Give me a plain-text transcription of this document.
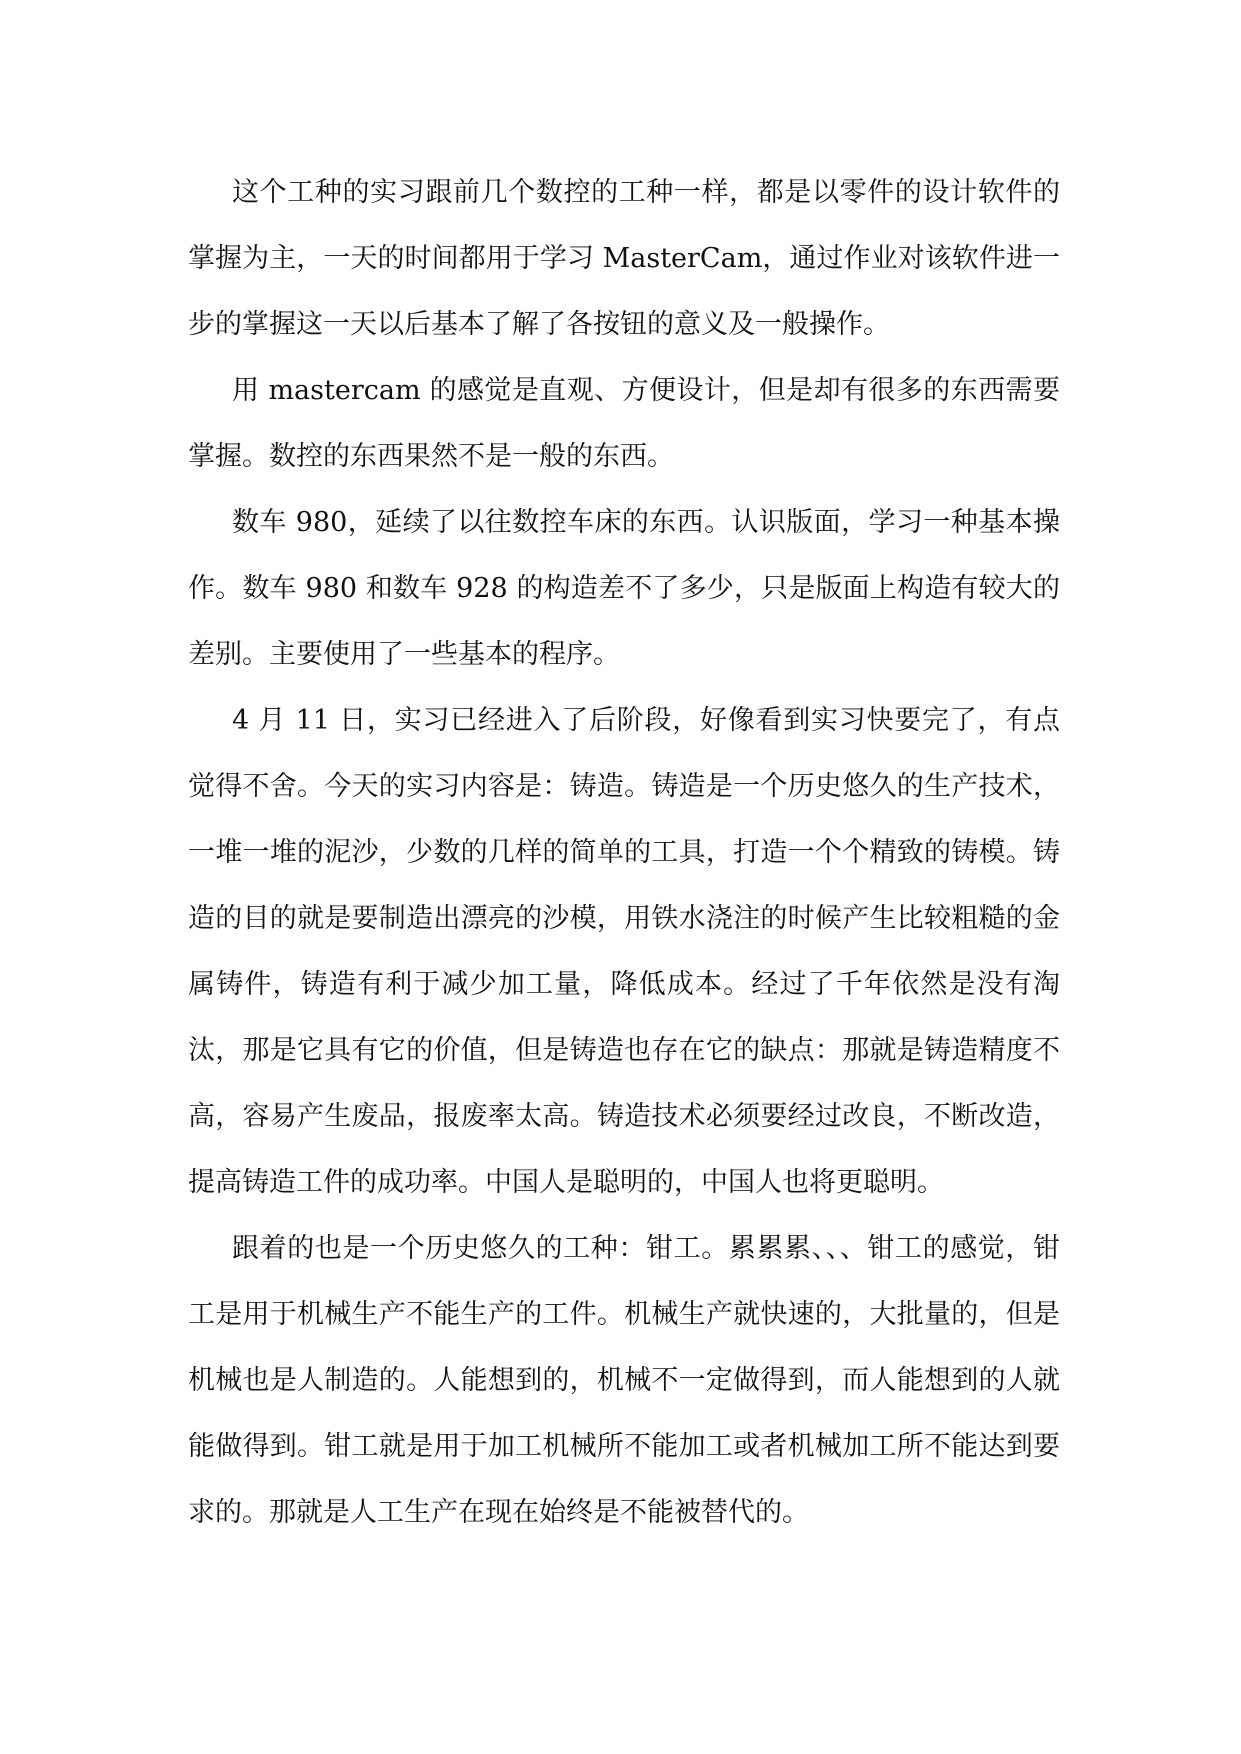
这个工种的实习跟前几个数控的工种一样，都是以零件的设计软件的掌握为主，一天的时间都用于学习 MasterCam，通过作业对该软件进一步的掌握这一天以后基本了解了各按钮的意义及一般操作。

用 mastercam 的感觉是直观、方便设计，但是却有很多的东西需要掌握。数控的东西果然不是一般的东西。

数车 980，延续了以往数控车床的东西。认识版面，学习一种基本操作。数车 980 和数车 928 的构造差不了多少，只是版面上构造有较大的差别。主要使用了一些基本的程序。

4 月 11 日，实习已经进入了后阶段，好像看到实习快要完了，有点觉得不舍。今天的实习内容是：铸造。铸造是一个历史悠久的生产技术，一堆一堆的泥沙，少数的几样的简单的工具，打造一个个精致的铸模。铸造的目的就是要制造出漂亮的沙模，用铁水浇注的时候产生比较粗糙的金属铸件，铸造有利于减少加工量，降低成本。经过了千年依然是没有淘汰，那是它具有它的价值，但是铸造也存在它的缺点：那就是铸造精度不高，容易产生废品，报废率太高。铸造技术必须要经过改良，不断改造，提高铸造工件的成功率。中国人是聪明的，中国人也将更聪明。

跟着的也是一个历史悠久的工种：钳工。累累累、、、钳工的感觉，钳工是用于机械生产不能生产的工件。机械生产就快速的，大批量的，但是机械也是人制造的。人能想到的，机械不一定做得到，而人能想到的人就能做得到。钳工就是用于加工机械所不能加工或者机械加工所不能达到要求的。那就是人工生产在现在始终是不能被替代的。
